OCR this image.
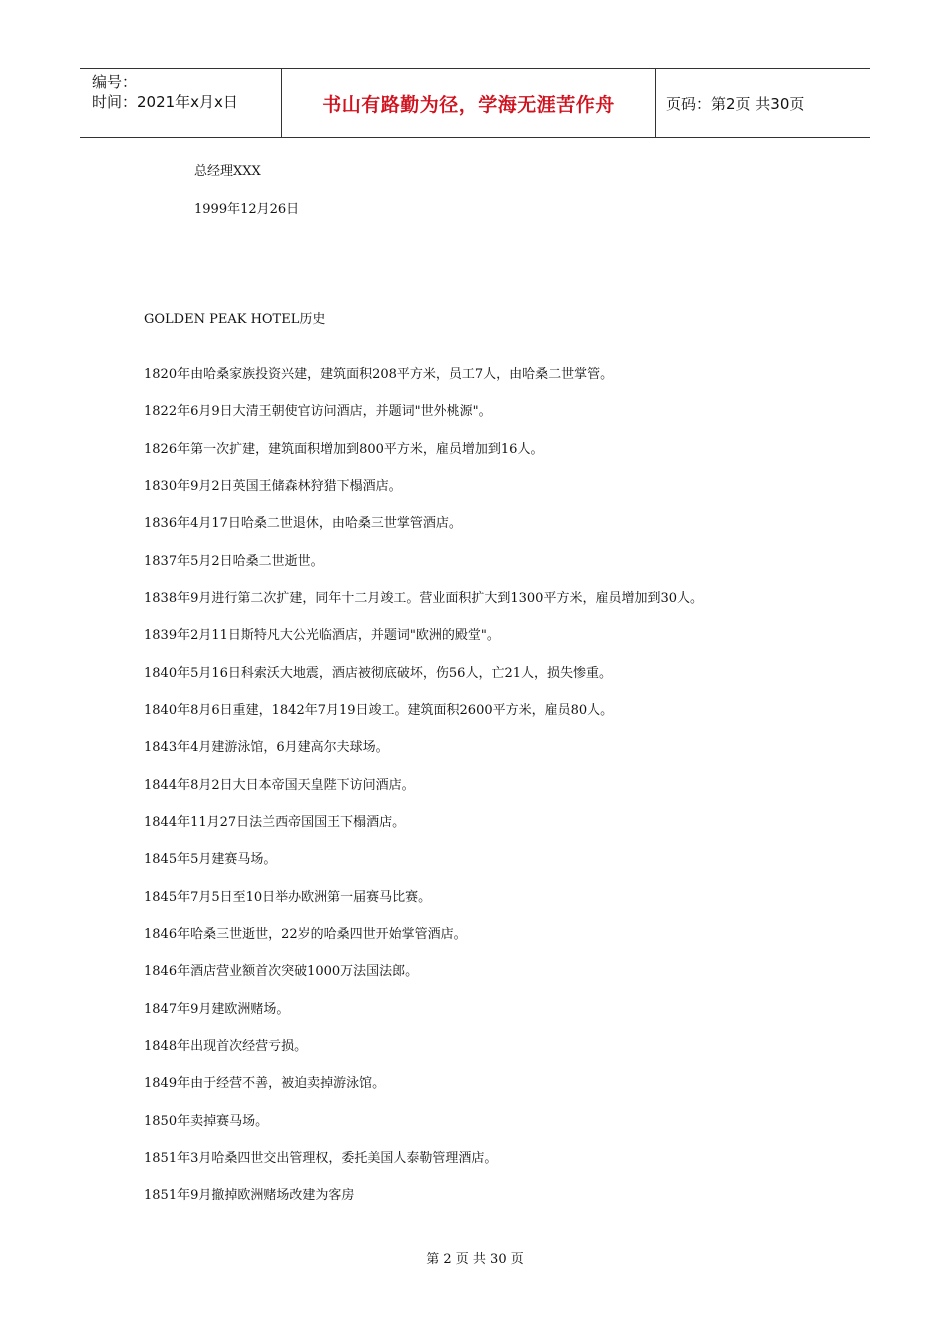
编号：
时间：2021年x月x日	书山有路勤为径，学海无涯苦作舟	页码：第2页 共30页
总经理XXX
1999年12月26日
GOLDEN PEAK HOTEL历史
1820年由哈桑家族投资兴建，建筑面积208平方米，员工7人，由哈桑二世掌管。
1822年6月9日大清王朝使官访问酒店，并题词"世外桃源"。
1826年第一次扩建，建筑面积增加到800平方米，雇员增加到16人。
1830年9月2日英国王储森林狩猎下榻酒店。
1836年4月17日哈桑二世退休，由哈桑三世掌管酒店。
1837年5月2日哈桑二世逝世。
1838年9月进行第二次扩建，同年十二月竣工。营业面积扩大到1300平方米，雇员增加到30人。
1839年2月11日斯特凡大公光临酒店，并题词"欧洲的殿堂"。
1840年5月16日科索沃大地震，酒店被彻底破坏，伤56人，亡21人，损失惨重。
1840年8月6日重建，1842年7月19日竣工。建筑面积2600平方米，雇员80人。
1843年4月建游泳馆，6月建高尔夫球场。
1844年8月2日大日本帝国天皇陛下访问酒店。
1844年11月27日法兰西帝国国王下榻酒店。
1845年5月建赛马场。
1845年7月5日至10日举办欧洲第一届赛马比赛。
1846年哈桑三世逝世，22岁的哈桑四世开始掌管酒店。
1846年酒店营业额首次突破1000万法国法郎。
1847年9月建欧洲赌场。
1848年出现首次经营亏损。
1849年由于经营不善，被迫卖掉游泳馆。
1850年卖掉赛马场。
1851年3月哈桑四世交出管理权，委托美国人泰勒管理酒店。
1851年9月撤掉欧洲赌场改建为客房
第 2 页 共 30 页
